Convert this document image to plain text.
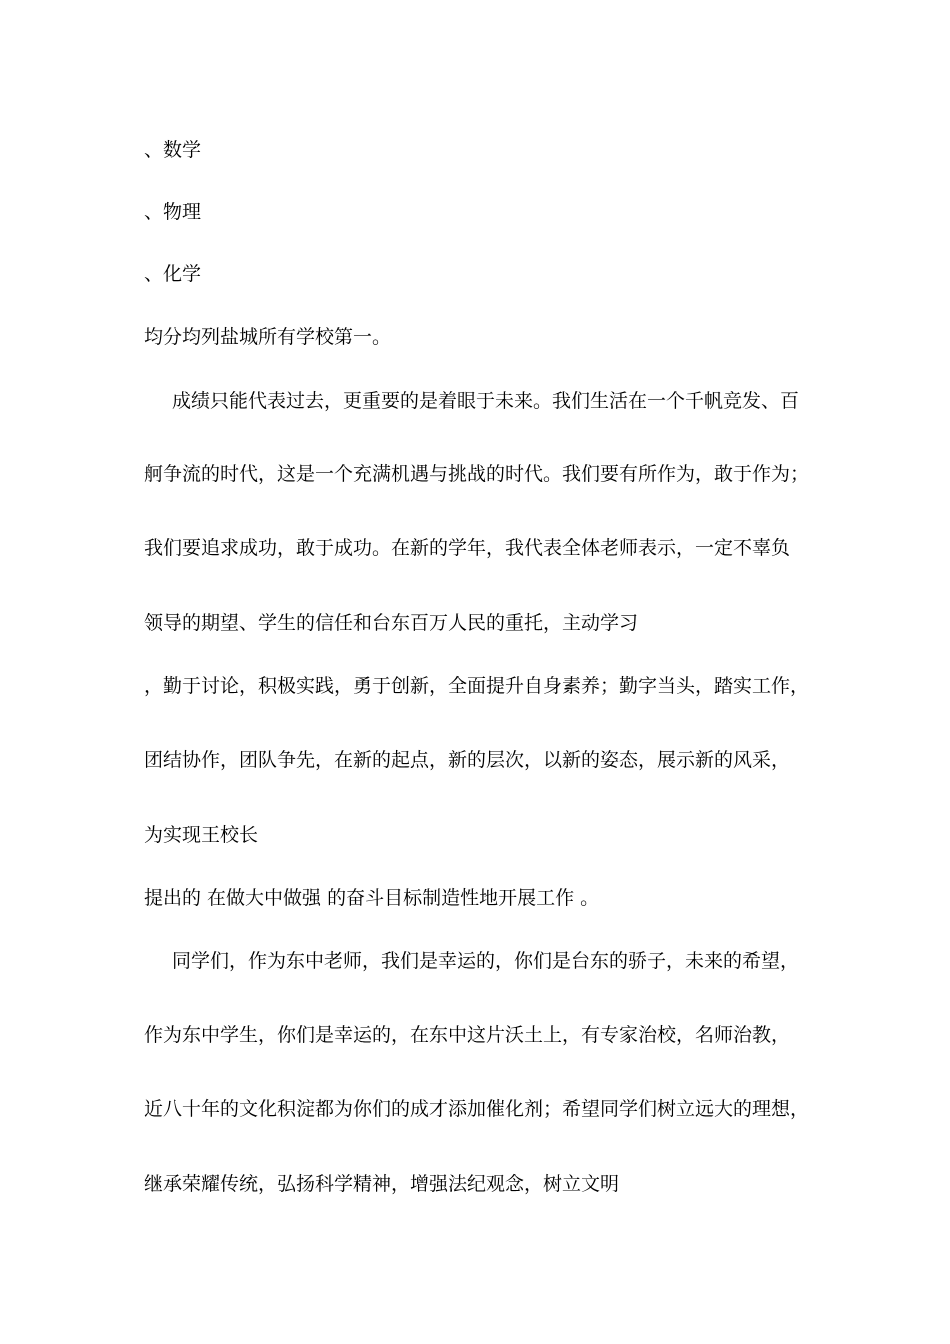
、数学
、物理
、化学
均分均列盐城所有学校第一。
成绩只能代表过去，更重要的是着眼于未来。我们生活在一个千帆竞发、百
舸争流的时代，这是一个充满机遇与挑战的时代。我们要有所作为，敢于作为；
我们要追求成功，敢于成功。在新的学年，我代表全体老师表示，一定不辜负
领导的期望、学生的信任和台东百万人民的重托，主动学习
，勤于讨论，积极实践，勇于创新，全面提升自身素养；勤字当头，踏实工作，
团结协作，团队争先，在新的起点，新的层次，以新的姿态，展示新的风采，
为实现王校长
提出的 在做大中做强 的奋斗目标制造性地开展工作 。
同学们，作为东中老师，我们是幸运的，你们是台东的骄子，未来的希望，
作为东中学生，你们是幸运的，在东中这片沃土上，有专家治校，名师治教，
近八十年的文化积淀都为你们的成才添加催化剂；希望同学们树立远大的理想，
继承荣耀传统，弘扬科学精神，增强法纪观念，树立文明
